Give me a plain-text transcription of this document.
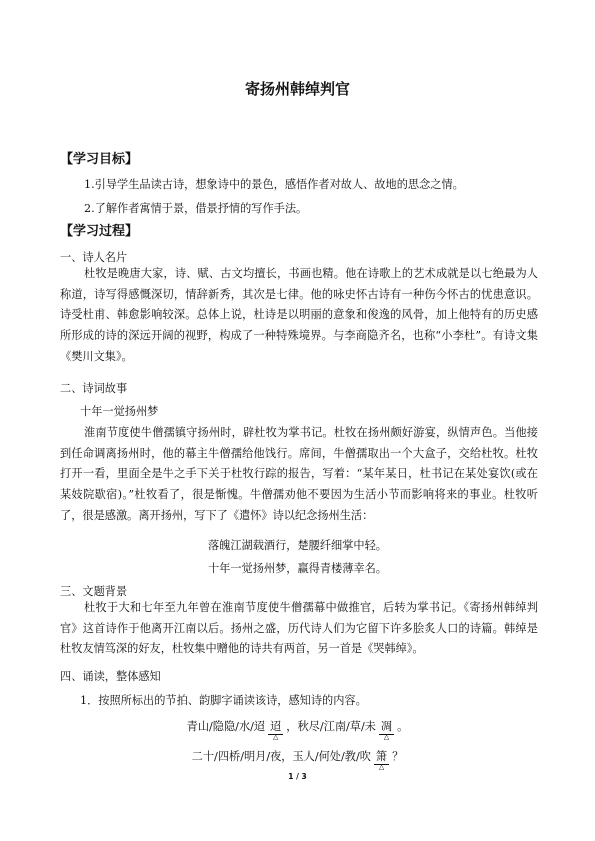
寄扬州韩绰判官
【学习目标】
1.引导学生品读古诗，想象诗中的景色，感悟作者对故人、故地的思念之情。
2.了解作者寓情于景，借景抒情的写作手法。
【学习过程】
一、诗人名片
杜牧是晚唐大家，诗、赋、古文均擅长，书画也精。他在诗歌上的艺术成就是以七绝最为人称道，诗写得感慨深切，情辞新秀，其次是七律。他的咏史怀古诗有一种伤今怀古的忧患意识。诗受杜甫、韩愈影响较深。总体上说，杜诗是以明丽的意象和俊逸的风骨，加上他特有的历史感所形成的诗的深远开阔的视野，构成了一种特殊境界。与李商隐齐名，也称“小李杜”。有诗文集《樊川文集》。
二、诗词故事
十年一觉扬州梦
淮南节度使牛僧孺镇守扬州时，辟杜牧为掌书记。杜牧在扬州颇好游宴，纵情声色。当他接到任命调离扬州时，他的幕主牛僧孺给他饯行。席间，牛僧孺取出一个大盒子，交给杜牧。杜牧打开一看，里面全是牛之手下关于杜牧行踪的报告，写着：“某年某日，杜书记在某处宴饮(或在某妓院歇宿)。”杜牧看了，很是惭愧。牛僧孺劝他不要因为生活小节而影响将来的事业。杜牧听了，很是感激。离开扬州，写下了《遣怀》诗以纪念扬州生活：
落魄江湖载酒行，楚腰纤细掌中轻。
十年一觉扬州梦，赢得青楼薄幸名。
三、文题背景
杜牧于大和七年至九年曾在淮南节度使牛僧孺幕中做推官，后转为掌书记。《寄扬州韩绰判官》这首诗作于他离开江南以后。扬州之盛，历代诗人们为它留下许多脍炙人口的诗篇。韩绰是杜牧友情笃深的好友，杜牧集中赠他的诗共有两首，另一首是《哭韩绰》。
四、诵读，整体感知
1．按照所标出的节拍、韵脚字诵读该诗，感知诗的内容。
青山/隐隐/水/迢 迢
△
，秋尽/江南/草/未 凋
△
。
二十/四桥/明月/夜，玉人/何处/教/吹 箫
△
？
1 / 3
